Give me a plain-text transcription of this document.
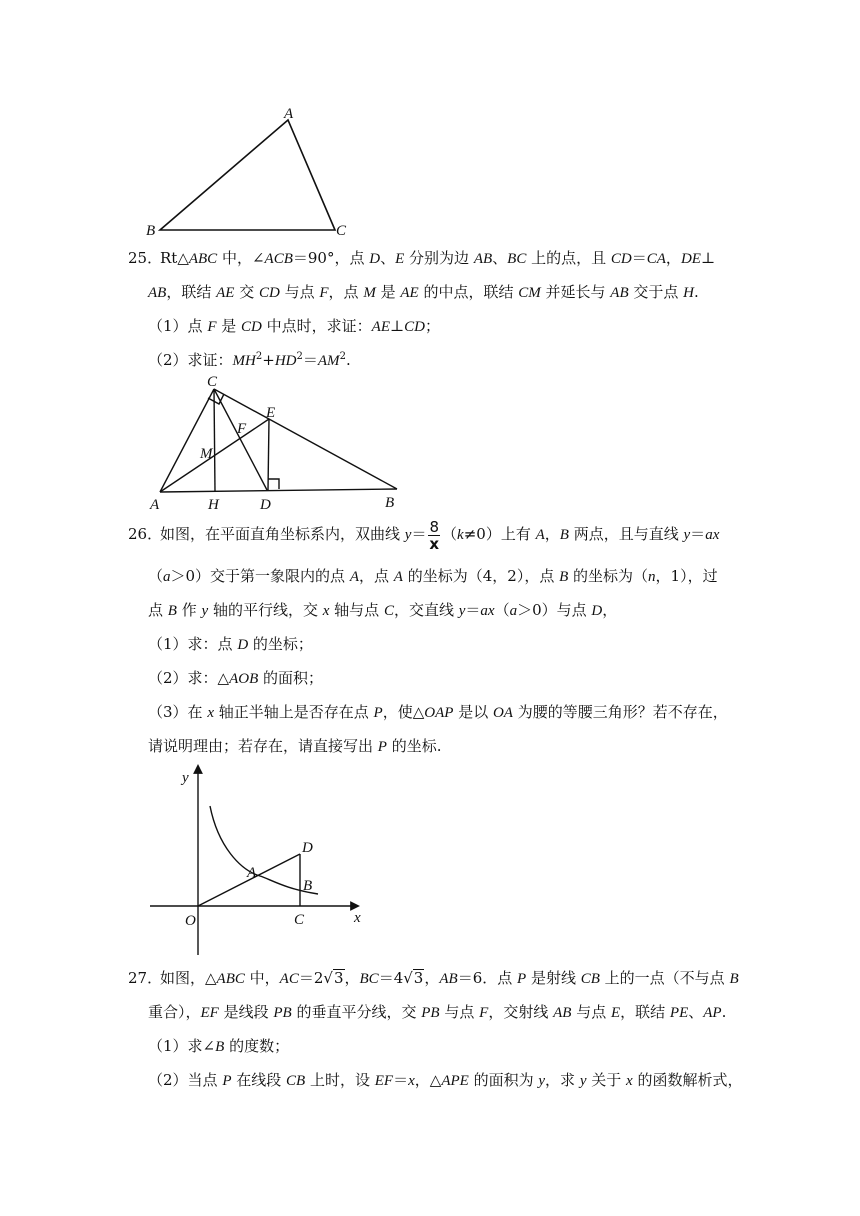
A
B	C
25．
Rt△ABC 中，∠ACB＝90°，点 D、E 分别为边 AB、BC 上的点，且 CD＝CA，DE⊥
AB，联结 AE 交 CD 与点 F，点 M 是 AE 的中点，联结 CM 并延长与 AB 交于点 H.
（1）点 F 是 CD 中点时，求证：AE⊥CD；
（2）求证：$MH^2+HD^2=AM^2$.
C
E
F
M
A	H	D	B
26．
如图，在平面直角坐标系内，双曲线 $y= \frac{8}{x} (k\ne 0)$上有 A，B 两点，且与直线 y＝ax
（a＞0）交于第一象限内的点 A，点 A 的坐标为（4，2），点 B 的坐标为（n，1），过
点 B 作 y 轴的平行线，交 x 轴与点 C，交直线 y＝ax（a＞0）与点 D，
（1）求：点 D 的坐标；
（2）求：△AOB 的面积；
（3）在 x 轴正半轴上是否存在点 P，使△OAP 是以 OA 为腰的等腰三角形？若不存在，
请说明理由；若存在，请直接写出 P 的坐标.
y
x
O
A
D
B
C
27．
如图，△ABC 中，AC＝2√3，BC＝4√3，AB＝6．点 P 是射线 CB 上的一点（不与点 B
重合），EF 是线段 PB 的垂直平分线，交 PB 与点 F，交射线 AB 与点 E，联结 PE、AP.
（1）求∠B 的度数；
（2）当点 P 在线段 CB 上时，设 EF＝x，△APE 的面积为 y，求 y 关于 x 的函数解析式，
